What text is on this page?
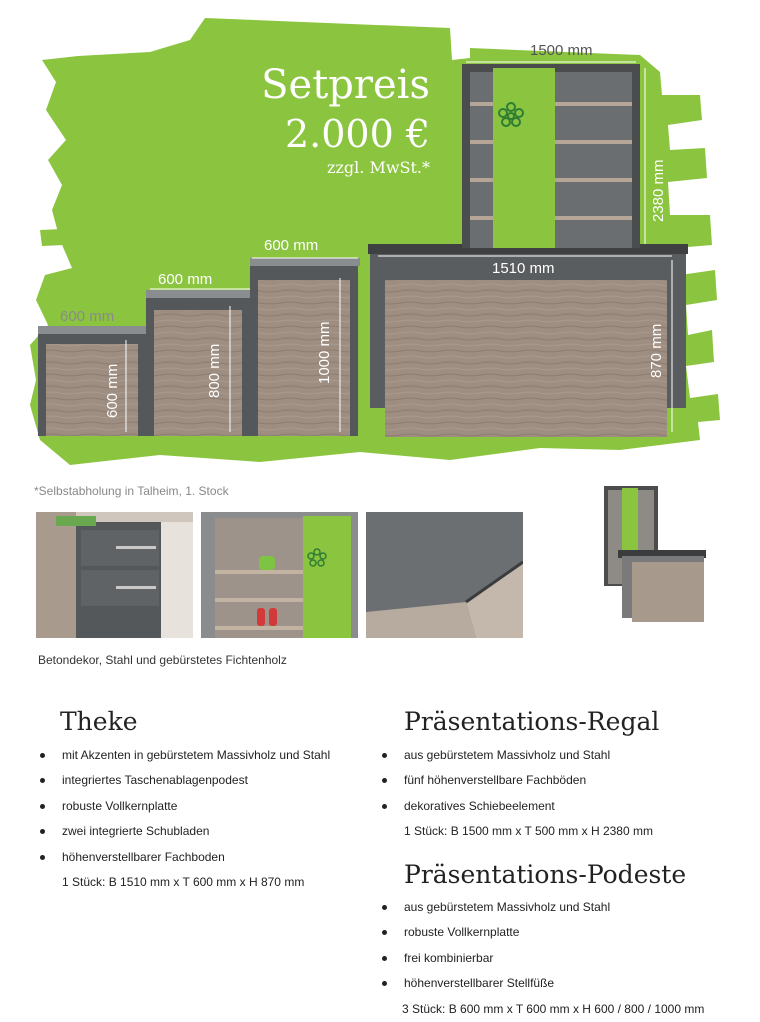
Setpreis
2.000 €
zzgl. MwSt.*
600 mm
600 mm
600 mm
800 mm
600 mm
1000 mm
1510 mm
870 mm
1500 mm
2380 mm
*Selbstabholung in Talheim, 1. Stock
Betondekor, Stahl und gebürstetes Fichtenholz
Theke
mit Akzenten in gebürstetem Massivholz und Stahl
integriertes Taschenablagenpodest
robuste Vollkernplatte
zwei integrierte Schubladen
höhenverstellbarer Fachboden
1 Stück: B 1510 mm x T 600 mm x H 870 mm
Präsentations-Regal
aus gebürstetem Massivholz und Stahl
fünf höhenverstellbare Fachböden
dekoratives Schiebeelement
1 Stück: B 1500 mm x T 500 mm x H 2380 mm
Präsentations-Podeste
aus gebürstetem Massivholz und Stahl
robuste Vollkernplatte
frei kombinierbar
höhenverstellbarer Stellfüße
3 Stück: B 600 mm x T 600 mm x H 600 / 800 / 1000 mm
